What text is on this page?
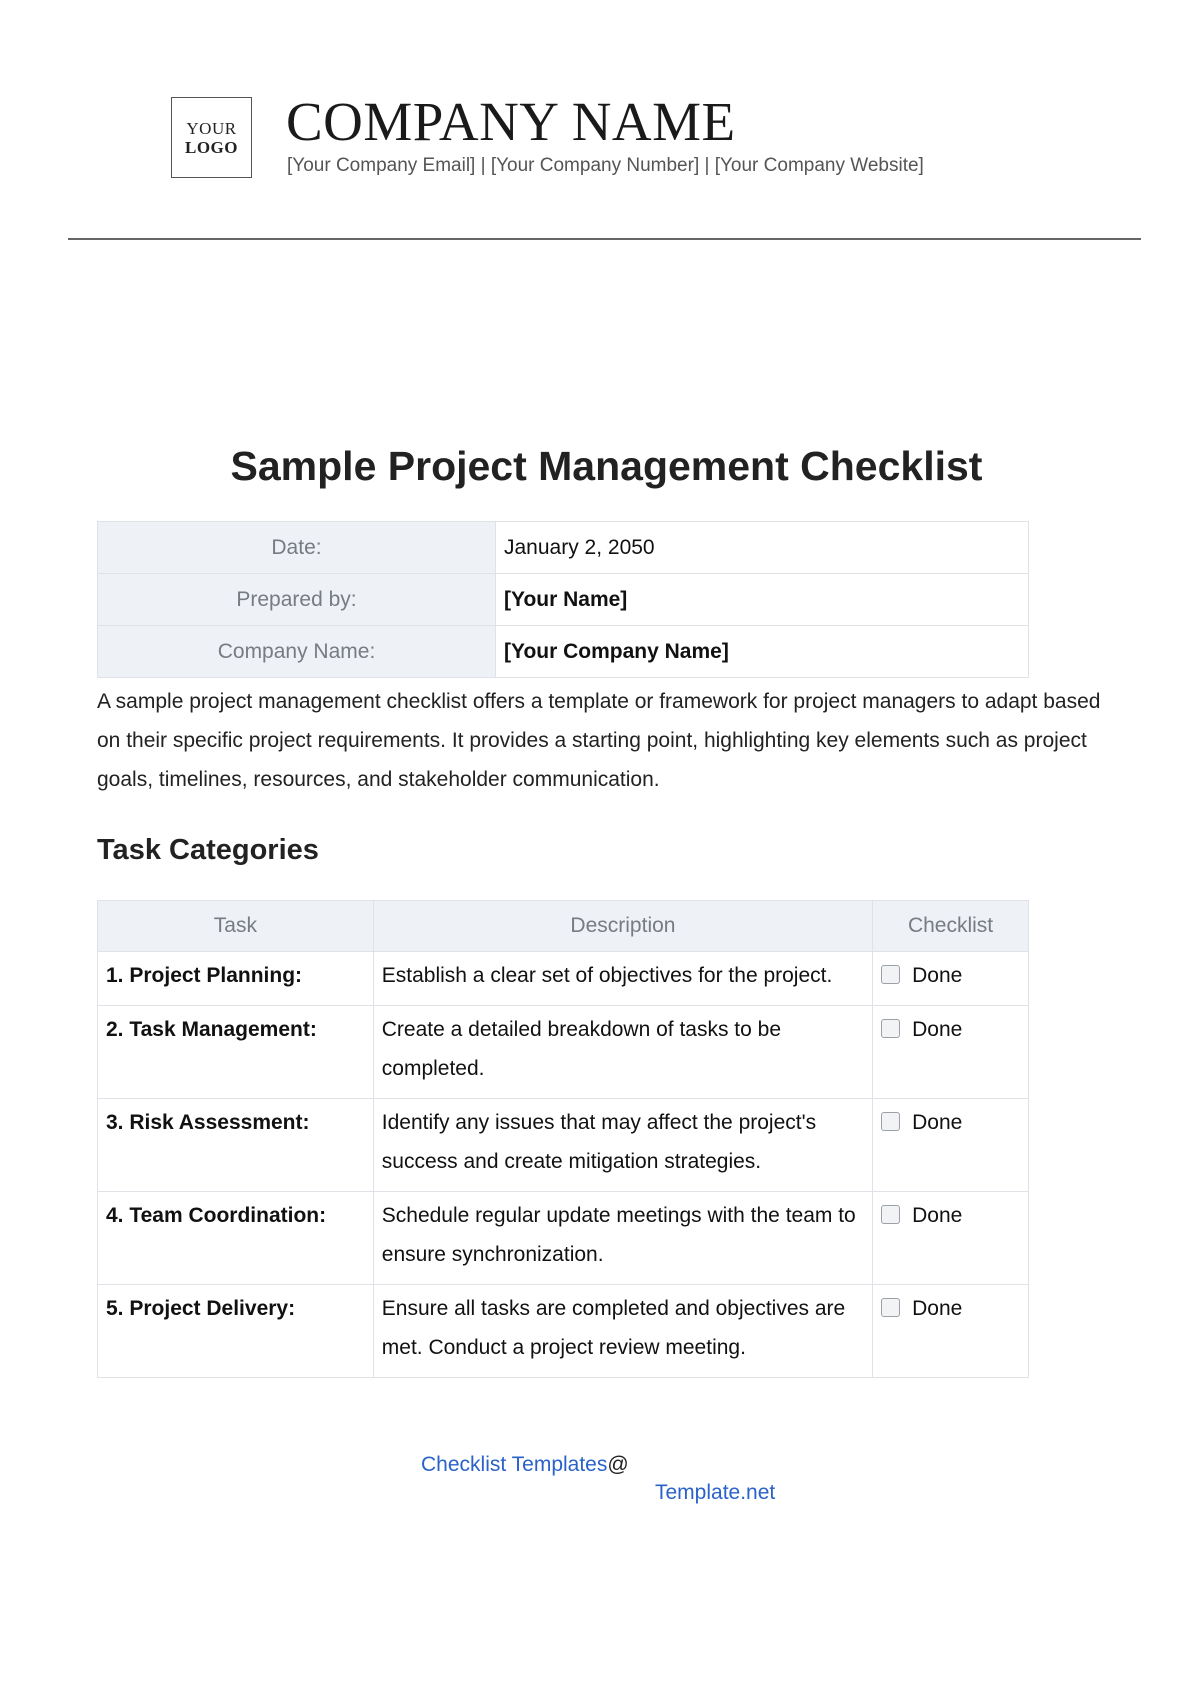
YOUR
LOGO COMPANY NAME
[Your Company Email] | [Your Company Number] | [Your Company Website]
Sample Project Management Checklist
Date:	January 2, 2050
Prepared by:	[Your Name]
Company Name:	[Your Company Name]
A sample project management checklist offers a template or framework for project managers to adapt based on their specific project requirements. It provides a starting point, highlighting key elements such as project goals, timelines, resources, and stakeholder communication.
Task Categories
Task	Description	Checklist

1. Project Planning:	Establish a clear set of objectives for the project.	Done

2. Task Management:	Create a detailed breakdown of tasks to be completed.	Done

3. Risk Assessment:	Identify any issues that may affect the project's success and create mitigation strategies.	Done

4. Team Coordination:	Schedule regular update meetings with the team to ensure synchronization.	Done

5. Project Delivery:	Ensure all tasks are completed and objectives are met. Conduct a project review meeting.	Done
Checklist Templates@
Template.net
